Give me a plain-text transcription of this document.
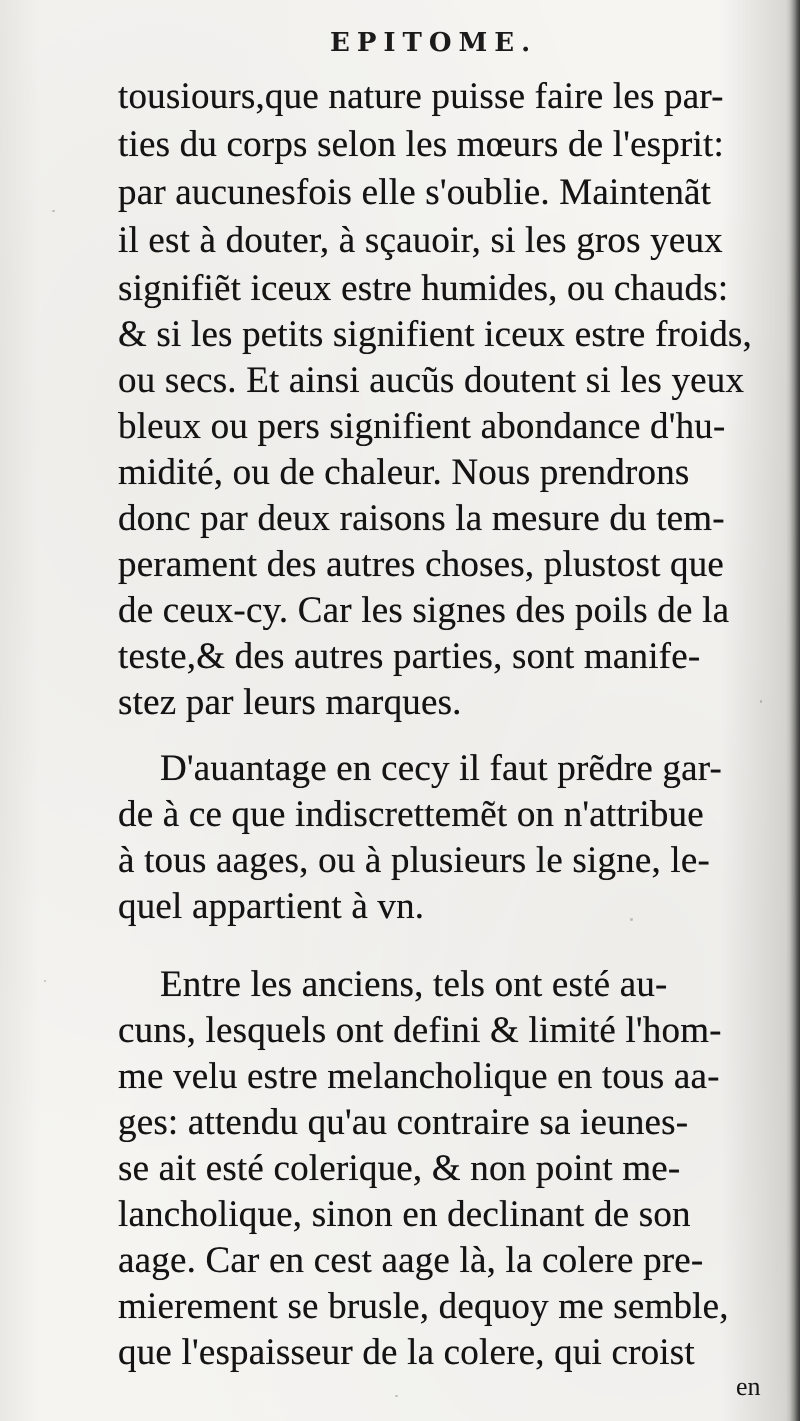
EPITOME.
tousiours,que nature puisse faire les par-
ties du corps selon les mœurs de l'esprit:
par aucunesfois elle s'oublie. Maintenãt
il est à douter, à sçauoir, si les gros yeux
signifiẽt iceux estre humides, ou chauds:
& si les petits signifient iceux estre froids,
ou secs. Et ainsi aucũs doutent si les yeux
bleux ou pers signifient abondance d'hu-
midité, ou de chaleur. Nous prendrons
donc par deux raisons la mesure du tem-
perament des autres choses, plustost que
de ceux-cy. Car les signes des poils de la
teste,& des autres parties, sont manife-
stez par leurs marques.
D'auantage en cecy il faut prẽdre gar-
de à ce que indiscrettemẽt on n'attribue
à tous aages, ou à plusieurs le signe, le-
quel appartient à vn.
Entre les anciens, tels ont esté au-
cuns, lesquels ont defini & limité l'hom-
me velu estre melancholique en tous aa-
ges: attendu qu'au contraire sa ieunes-
se ait esté colerique, & non point me-
lancholique, sinon en declinant de son
aage. Car en cest aage là, la colere pre-
mierement se brusle, dequoy me semble,
que l'espaisseur de la colere, qui croist
en
